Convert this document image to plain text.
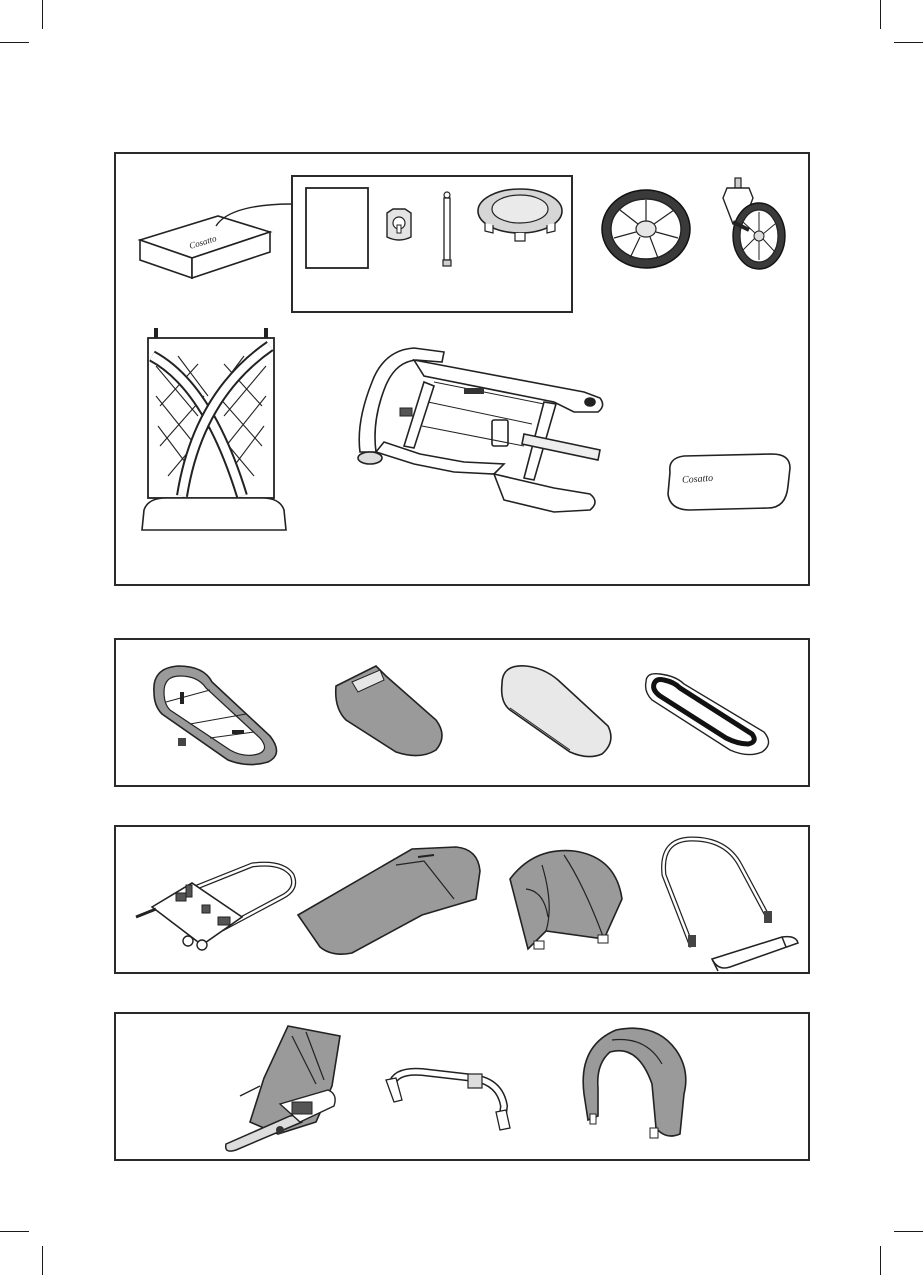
Cosatto
Cosatto
